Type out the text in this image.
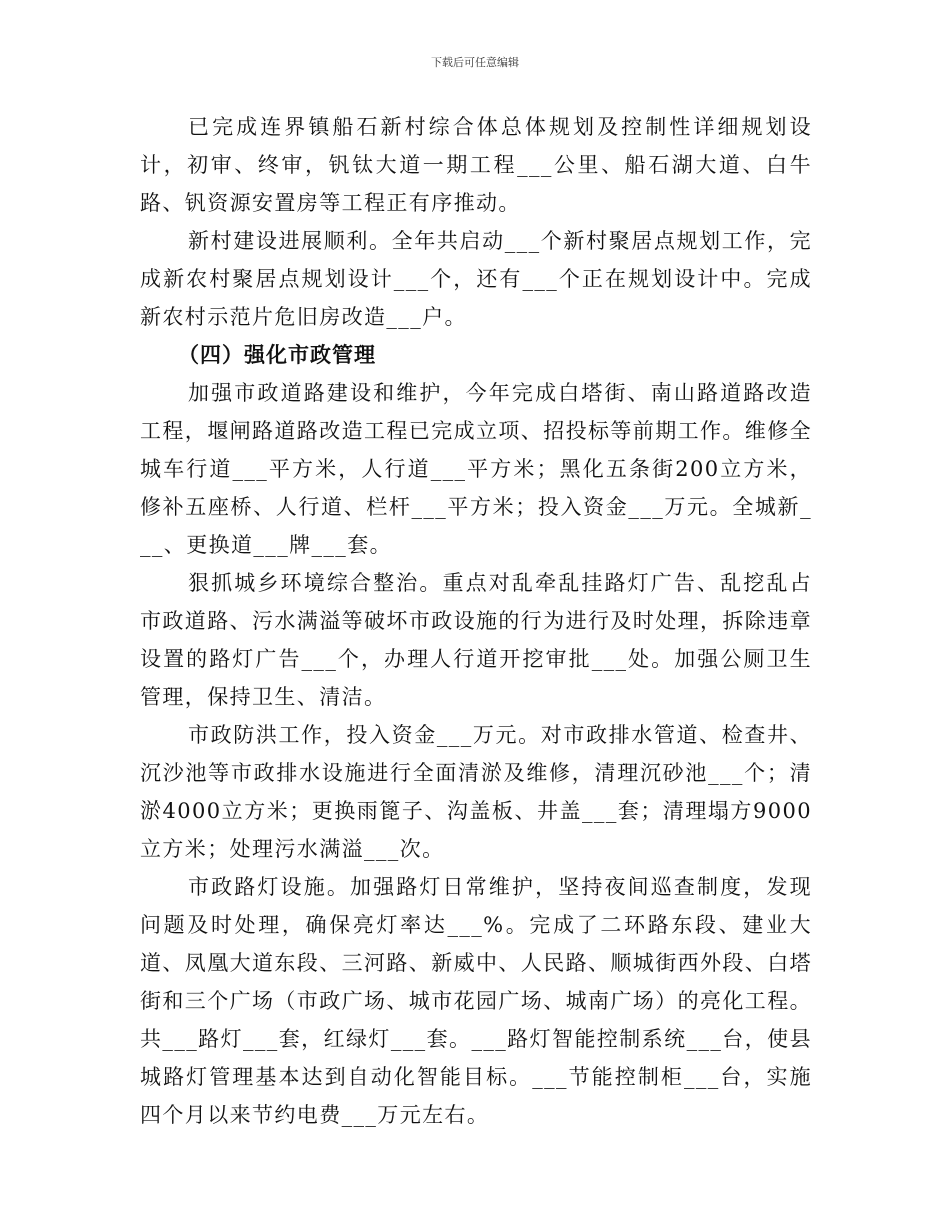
下载后可任意编辑

已完成连界镇船石新村综合体总体规划及控制性详细规划设计，初审、终审，钒钛大道一期工程___公里、船石湖大道、白牛路、钒资源安置房等工程正有序推动。

新村建设进展顺利。全年共启动___个新村聚居点规划工作，完成新农村聚居点规划设计___个，还有___个正在规划设计中。完成新农村示范片危旧房改造___户。

（四）强化市政管理

加强市政道路建设和维护，今年完成白塔街、南山路道路改造工程，堰闸路道路改造工程已完成立项、招投标等前期工作。维修全城车行道___平方米，人行道___平方米；黑化五条街200立方米，修补五座桥、人行道、栏杆___平方米；投入资金___万元。全城新___、更换道___牌___套。

狠抓城乡环境综合整治。重点对乱牵乱挂路灯广告、乱挖乱占市政道路、污水满溢等破坏市政设施的行为进行及时处理，拆除违章设置的路灯广告___个，办理人行道开挖审批___处。加强公厕卫生管理，保持卫生、清洁。

市政防洪工作，投入资金___万元。对市政排水管道、检查井、沉沙池等市政排水设施进行全面清淤及维修，清理沉砂池___个；清淤4000立方米；更换雨篦子、沟盖板、井盖___套；清理塌方9000立方米；处理污水满溢___次。

市政路灯设施。加强路灯日常维护，坚持夜间巡查制度，发现问题及时处理，确保亮灯率达___%。完成了二环路东段、建业大道、凤凰大道东段、三河路、新威中、人民路、顺城街西外段、白塔街和三个广场（市政广场、城市花园广场、城南广场）的亮化工程。共___路灯___套，红绿灯___套。___路灯智能控制系统___台，使县城路灯管理基本达到自动化智能目标。___节能控制柜___台，实施四个月以来节约电费___万元左右。
